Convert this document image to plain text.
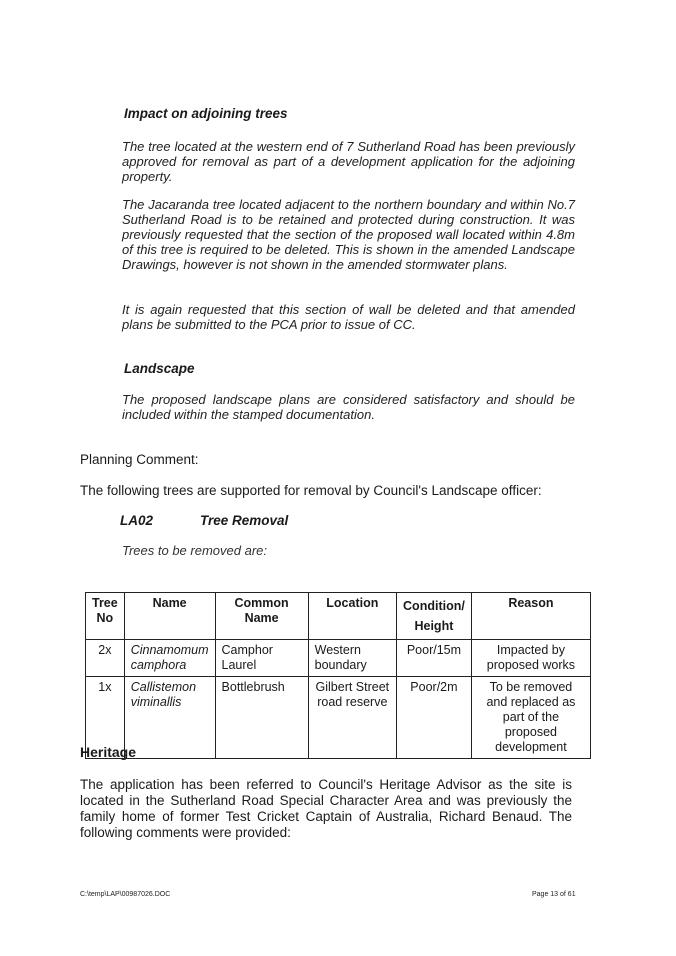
Impact on adjoining trees
The tree located at the western end of 7 Sutherland Road has been previously approved for removal as part of a development application for the adjoining property.
The Jacaranda tree located adjacent to the northern boundary and within No.7 Sutherland Road is to be retained and protected during construction. It was previously requested that the section of the proposed wall located within 4.8m of this tree is required to be deleted. This is shown in the amended Landscape Drawings, however is not shown in the amended stormwater plans.
It is again requested that this section of wall be deleted and that amended plans be submitted to the PCA prior to issue of CC.
Landscape
The proposed landscape plans are considered satisfactory and should be included within the stamped documentation.
Planning Comment:
The following trees are supported for removal by Council's Landscape officer:
LA02	Tree Removal
Trees to be removed are:
Tree No	Name	Common Name	Location	Condition/ Height	Reason
2x	Cinnamomum camphora	Camphor Laurel	Western boundary	Poor/15m	Impacted by proposed works
1x	Callistemon viminallis	Bottlebrush	Gilbert Street road reserve	Poor/2m	To be removed and replaced as part of the proposed development
Heritage
The application has been referred to Council's Heritage Advisor as the site is located in the Sutherland Road Special Character Area and was previously the family home of former Test Cricket Captain of Australia, Richard Benaud. The following comments were provided:
C:\temp\LAP\00987026.DOC	Page 13 of 61
